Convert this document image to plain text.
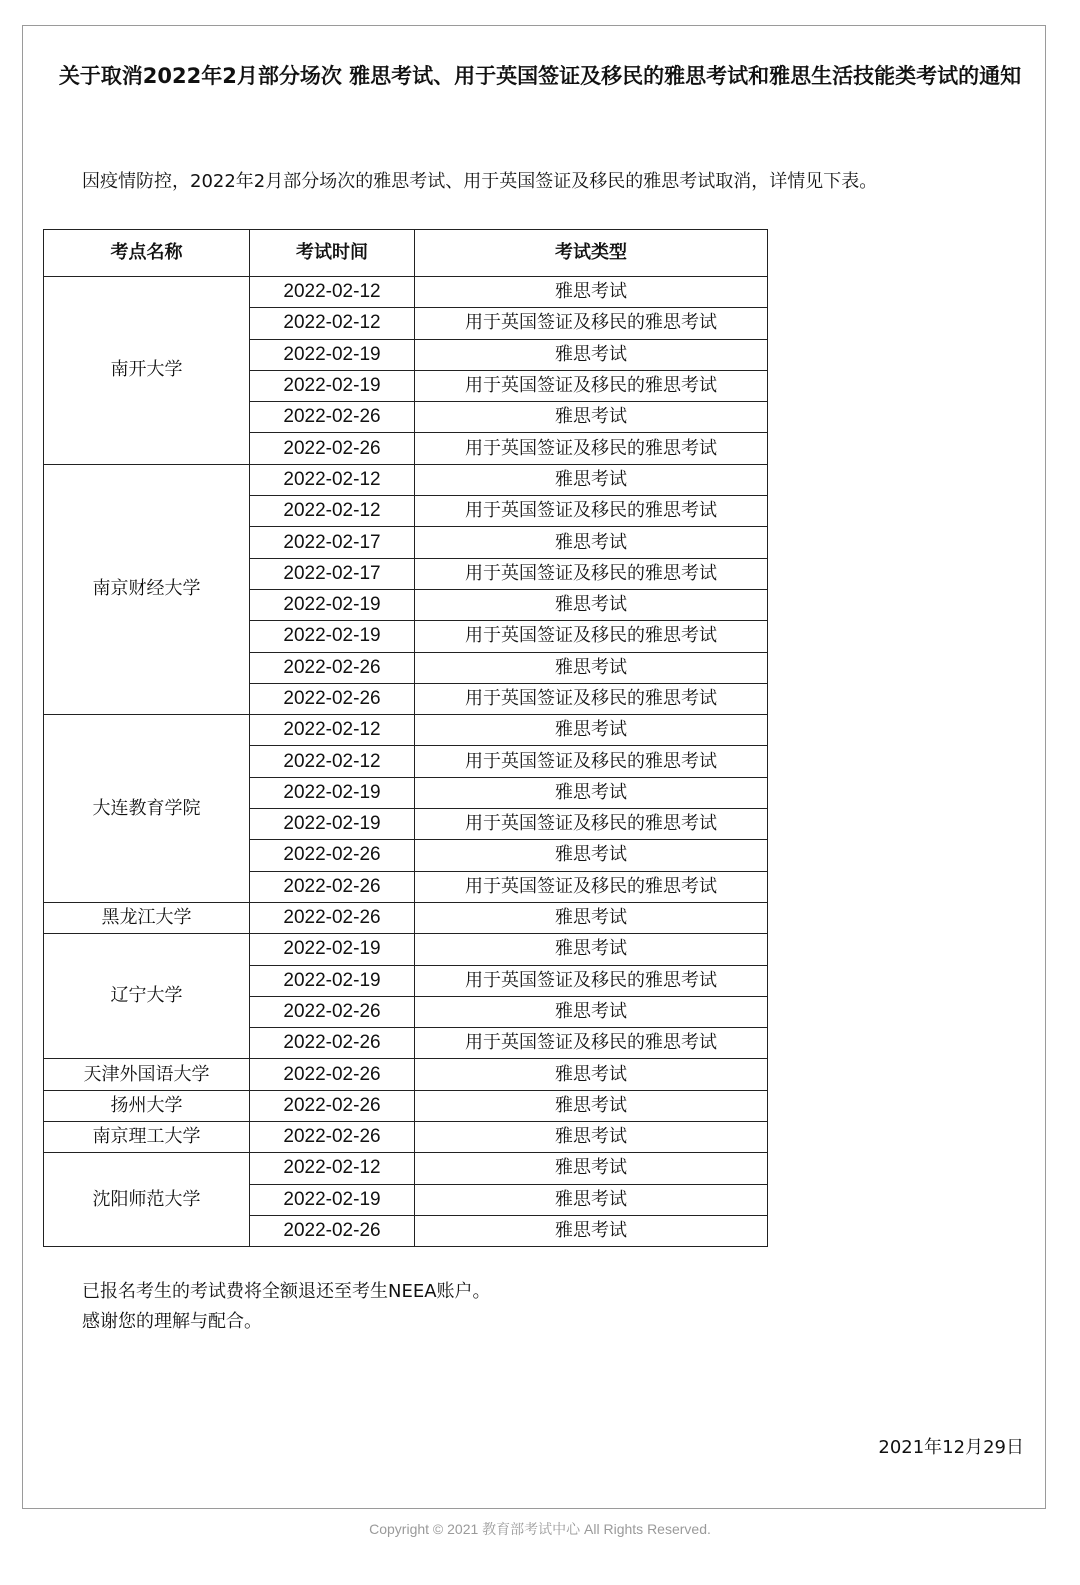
关于取消2022年2月部分场次 雅思考试、用于英国签证及移民的雅思考试和雅思生活技能类考试的通知
因疫情防控，2022年2月部分场次的雅思考试、用于英国签证及移民的雅思考试取消，详情见下表。
考点名称	考试时间	考试类型
南开大学	2022-02-12	雅思考试
	2022-02-12	用于英国签证及移民的雅思考试
	2022-02-19	雅思考试
	2022-02-19	用于英国签证及移民的雅思考试
	2022-02-26	雅思考试
	2022-02-26	用于英国签证及移民的雅思考试
南京财经大学	2022-02-12	雅思考试
	2022-02-12	用于英国签证及移民的雅思考试
	2022-02-17	雅思考试
	2022-02-17	用于英国签证及移民的雅思考试
	2022-02-19	雅思考试
	2022-02-19	用于英国签证及移民的雅思考试
	2022-02-26	雅思考试
	2022-02-26	用于英国签证及移民的雅思考试
大连教育学院	2022-02-12	雅思考试
	2022-02-12	用于英国签证及移民的雅思考试
	2022-02-19	雅思考试
	2022-02-19	用于英国签证及移民的雅思考试
	2022-02-26	雅思考试
	2022-02-26	用于英国签证及移民的雅思考试
黑龙江大学	2022-02-26	雅思考试
辽宁大学	2022-02-19	雅思考试
	2022-02-19	用于英国签证及移民的雅思考试
	2022-02-26	雅思考试
	2022-02-26	用于英国签证及移民的雅思考试
天津外国语大学	2022-02-26	雅思考试
扬州大学	2022-02-26	雅思考试
南京理工大学	2022-02-26	雅思考试
沈阳师范大学	2022-02-12	雅思考试
	2022-02-19	雅思考试
	2022-02-26	雅思考试
已报名考生的考试费将全额退还至考生NEEA账户。
感谢您的理解与配合。
2021年12月29日
Copyright © 2021 教育部考试中心 All Rights Reserved.
